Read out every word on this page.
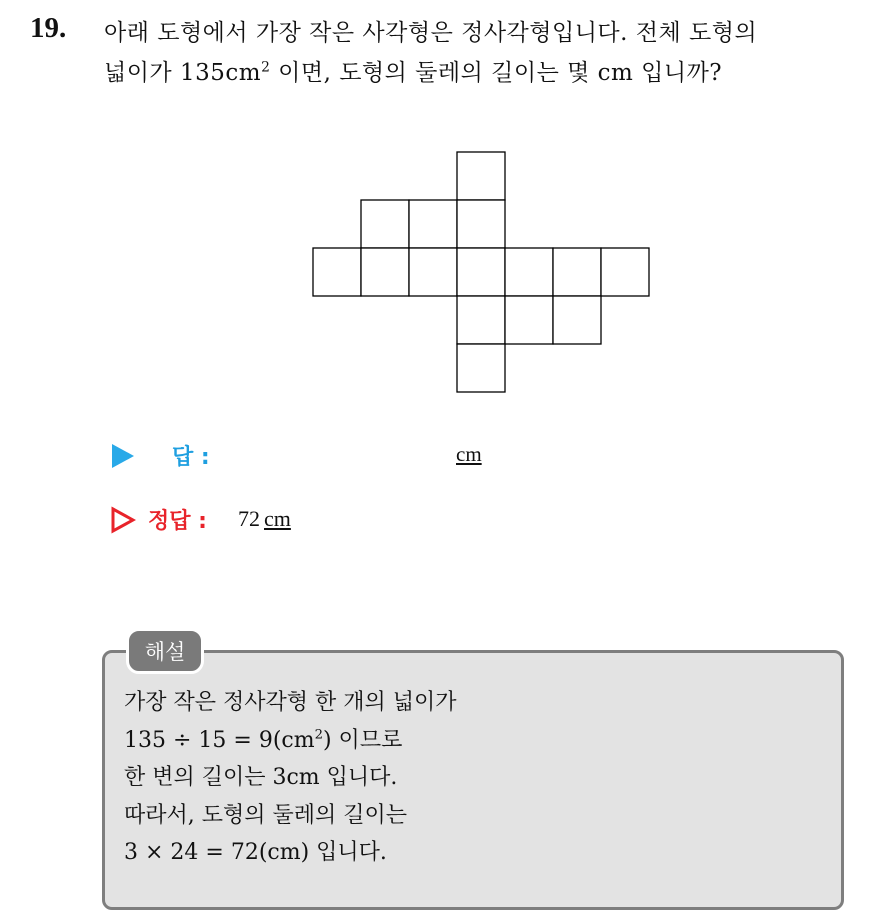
19. 아래 도형에서 가장 작은 사각형은 정사각형입니다. 전체 도형의
넓이가 $135cm^2$ 이면, 도형의 둘레의 길이는 몇 cm 입니까?
답 :	cm
정답 : 72 cm
해설
가장 작은 정사각형 한 개의 넓이가
$135 \div 15 = 9(cm^2)$ 이므로
한 변의 길이는 3cm 입니다.
따라서, 도형의 둘레의 길이는
3 × 24 = 72(cm) 입니다.
